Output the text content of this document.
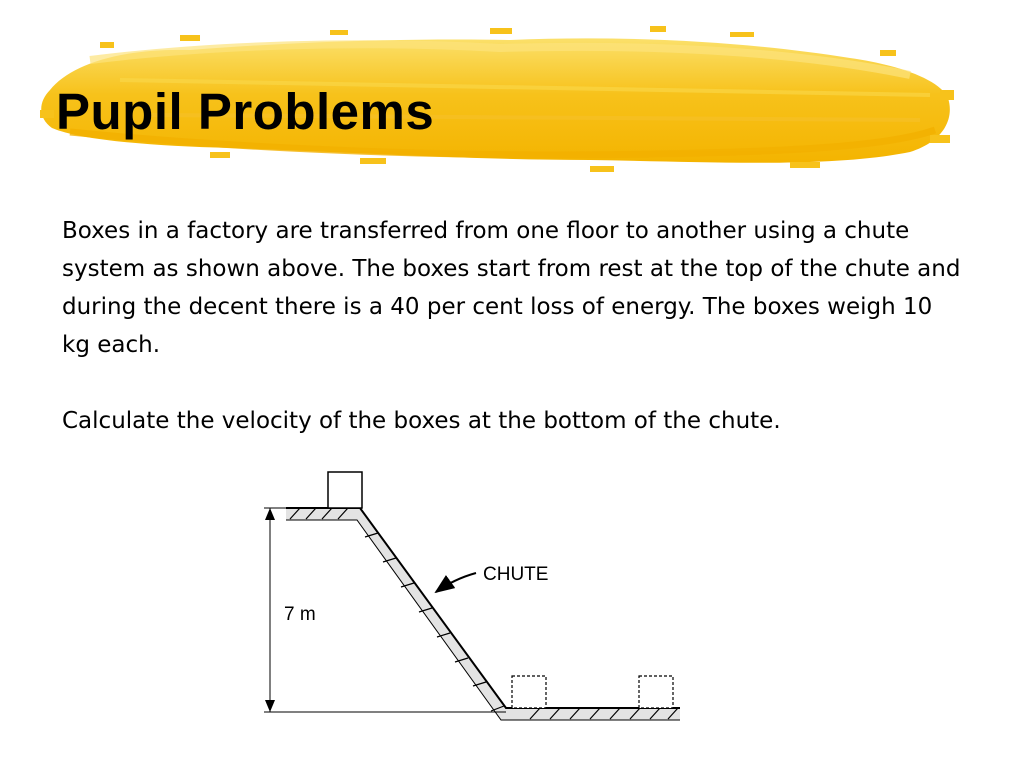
Pupil Problems

Boxes in a factory are transferred from one floor to another using a chute system as shown above. The boxes start from rest at the top of the chute and during the decent there is a 40 per cent loss of energy. The boxes weigh 10 kg each.

Calculate the velocity of the boxes at the bottom of the chute.

7 m
CHUTE
